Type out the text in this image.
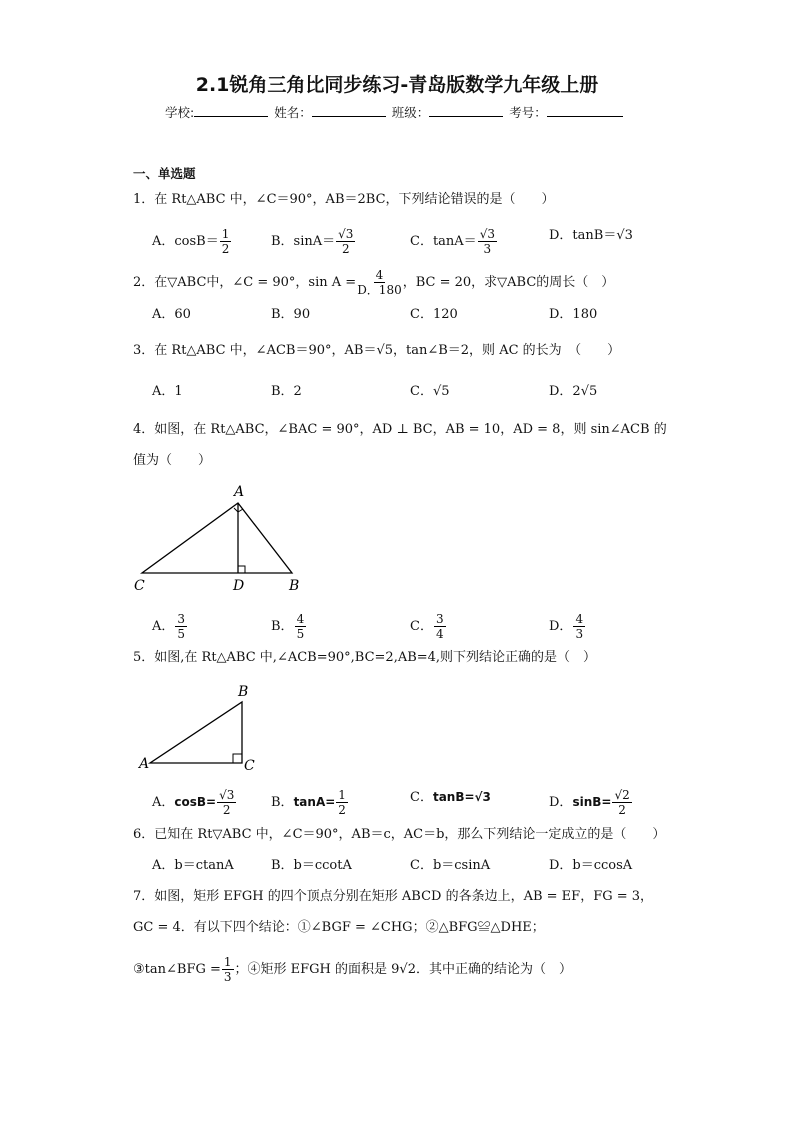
2.1锐角三角比同步练习-青岛版数学九年级上册
学校:	姓名：	班级：	考号：
一、单选题
1．在 Rt△ABC 中，∠C＝90°，AB＝2BC，下列结论错误的是（　　）
A．$\cos B= \frac{1}{2}$	B．$\sin A= \frac{√3}{2}$	C．$\tan A= \frac{√3}{3}$	D．tanB＝√3
2．在▽ABC中，∠C = 90°，$\sin A = \frac{4}{D.180}$ ，BC = 20，求▽ABC的周长（　）
A．60	B．90	C．120	D．180
3．在 Rt△ABC 中，∠ACB＝90°，AB＝√5，tan∠B＝2，则 AC 的长为　（　　）
A．1	B．2	C．√5	D．2√5
4．如图，在 Rt△ABC，∠BAC = 90°，AD ⊥ BC，AB = 10，AD = 8，则 sin∠ACB 的
值为（　　）
A
C	D	B
A． $\frac{3}{5}$	B． $\frac{4}{5}$	C． $\frac{3}{4}$	D． $\frac{4}{3}$
5．如图,在 Rt△ABC 中,∠ACB=90°,BC=2,AB=4,则下列结论正确的是（　）
B
A	C
A．$\cos B= \frac{√3}{2}$	B．$\tan A= \frac{1}{2}$	C．tanB=√3	D．$\sin B= \frac{√2}{2}$
6．已知在 Rt▽ABC 中，∠C＝90°，AB＝c，AC＝b，那么下列结论一定成立的是（　　）
A．b＝ctanA	B．b＝ccotA	C．b＝csinA	D．b＝ccosA
7．如图，矩形 EFGH 的四个顶点分别在矩形 ABCD 的各条边上，AB = EF，FG = 3，
GC = 4．有以下四个结论：①∠BGF = ∠CHG；②△BFG≌△DHE；
③tan∠BFG = $\frac{1}{3}$ ；④矩形 EFGH 的面积是 9√2．其中正确的结论为（　）
